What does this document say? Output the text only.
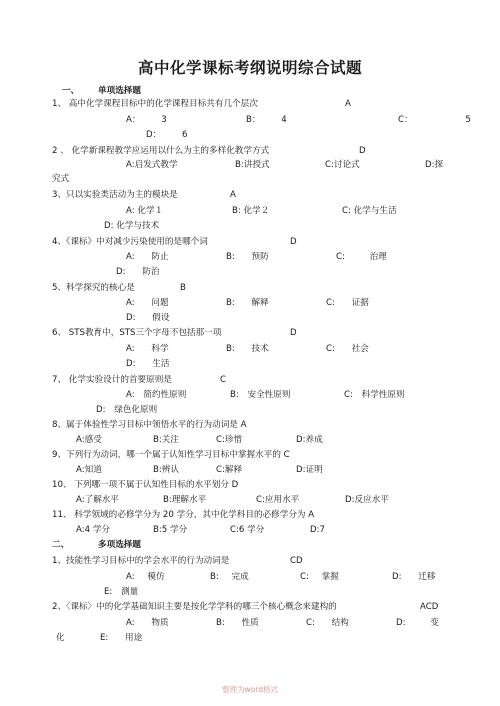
高中化学课标考纲说明综合试题
一、 单项选择题
1、 高中化学课程目标中的化学课程目标共有几个层次	A
A： 3	B： 4	C： 5
D： 6
2 、 化学新课程教学应运用以什么为主的多样化教学方式	D
A:启发式教学	B:讲授式	C:讨论式	D:探
究式
3、只以实验类活动为主的模块是	A
A: 化学１	B: 化学２	C: 化学与生活
D: 化学与技术
4、《课标》中对减少污染使用的是哪个词	D
A: 防止	B: 预防	C: 治理
D: 防治
5、科学探究的核心是	B
A: 问题	B: 解释	C: 证据
D: 假设
6、 STS教育中，STS三个字母不包括那一项	D
A: 科学	B: 技术	C: 社会
D: 生活
7、 化学实验设计的首要原则是	C
A: 简约性原则	B: 安全性原则	C: 科学性原则
D: 绿色化原则
8、属于体验性学习目标中领悟水平的行为动词是 A
A:感受	B:关注	C:珍惜	D:养成
9、下列行为动词，哪一个属于认知性学习目标中掌握水平的 C
A:知道	B:辨认	C:解释	D:证明
10、 下列哪一项不属于认知性目标的水平划分 D
A:了解水平	B:理解水平	C:应用水平	D:反应水平
11、 科学领域的必修学分为 20 学分，其中化学科目的必修学分为 A
A:4 学分	B:5 学分	C:6 学分	D:7
二、	多项选择题
1、技能性学习目标中的学会水平的行为动词是	CD
A: 模仿	B: 完成	C: 掌握	D: 迁移
E: 测量
2、〈课标〉中的化学基础知识主要是按化学学科的哪三个核心概念来建构的	ACD
A: 物质	B: 性质	C: 结构	D: 变
化	E: 用途
整理为word格式
